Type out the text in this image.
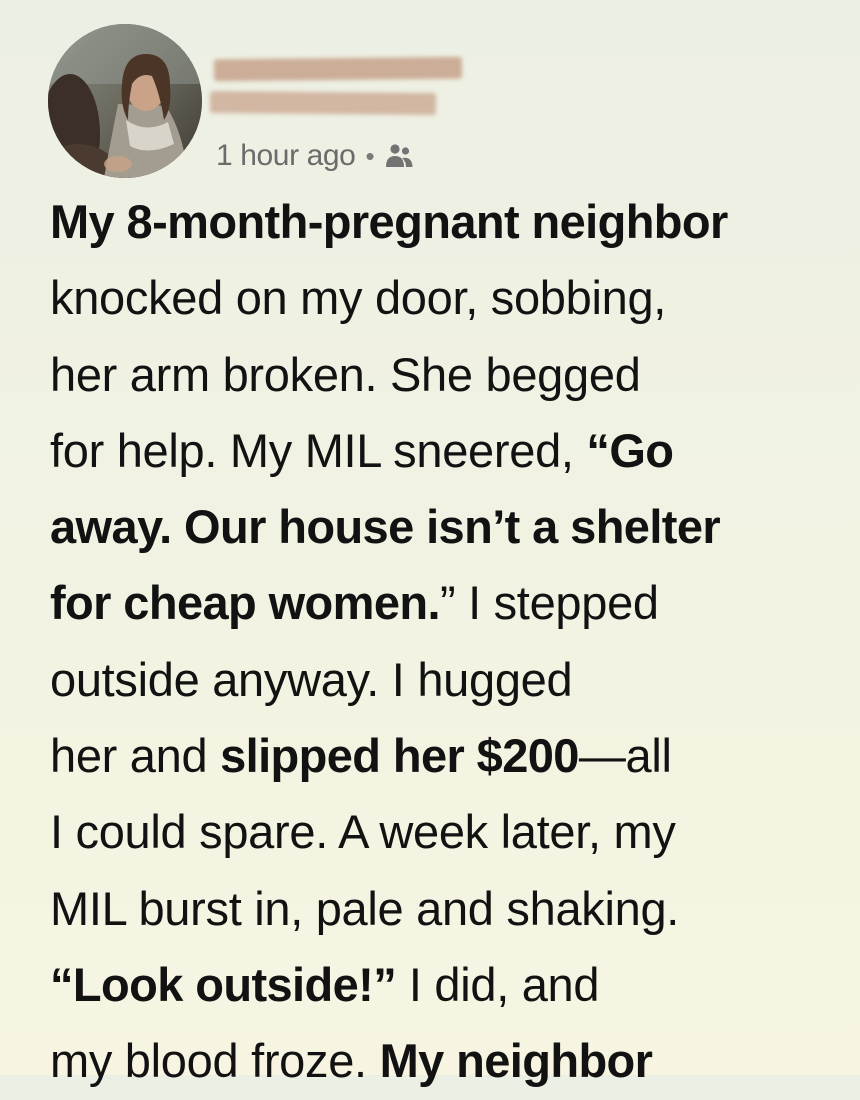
1 hour ago •
My 8-month-pregnant neighbor
knocked on my door, sobbing,
her arm broken. She begged
for help. My MIL sneered, “Go
away. Our house isn’t a shelter
for cheap women.” I stepped
outside anyway. I hugged
her and slipped her $200—all
I could spare. A week later, my
MIL burst in, pale and shaking.
“Look outside!” I did, and
my blood froze. My neighbor
